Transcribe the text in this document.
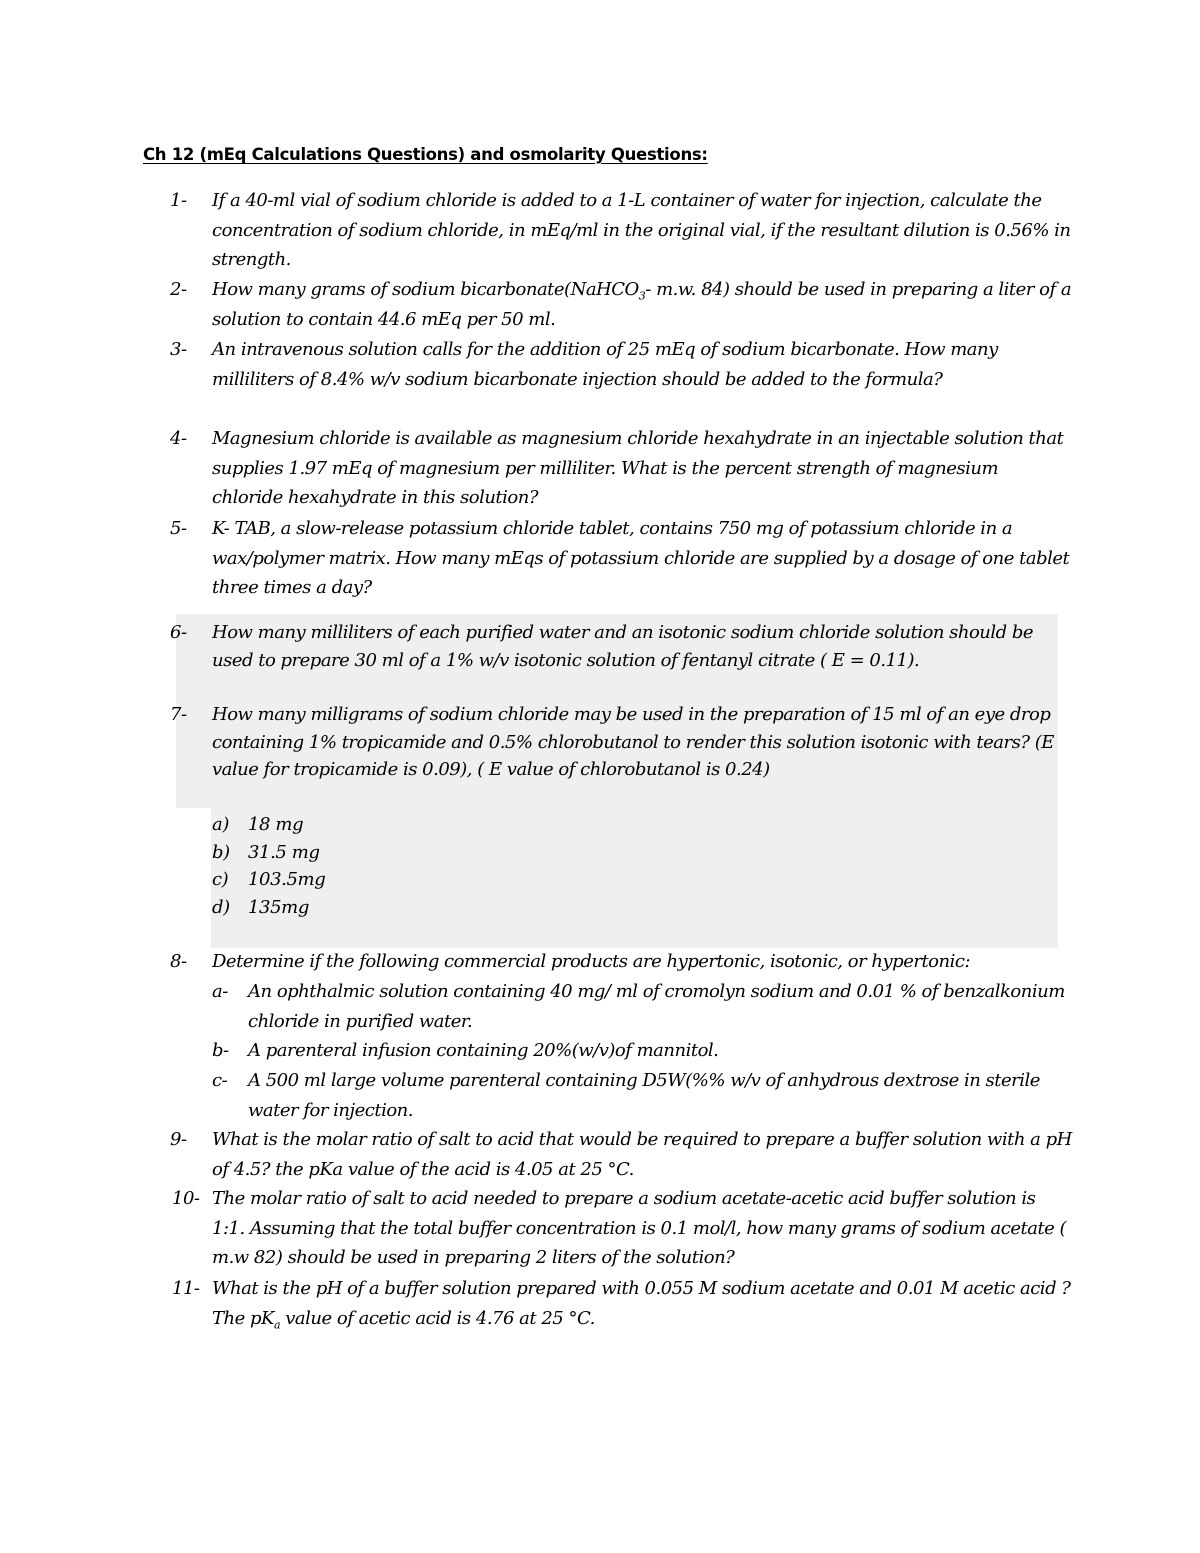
Ch 12 (mEq Calculations Questions) and osmolarity Questions:
1- If a 40-ml vial of sodium chloride is added to a 1-L container of water for injection, calculate the concentration of sodium chloride, in mEq/ml in the original vial, if the resultant dilution is 0.56% in strength.
2- How many grams of sodium bicarbonate(NaHCO$_3$- m.w. 84) should be used in preparing a liter of a solution to contain 44.6 mEq per 50 ml.
3- An intravenous solution calls for the addition of 25 mEq of sodium bicarbonate. How many milliliters of 8.4% w/v sodium bicarbonate injection should be added to the formula?
4- Magnesium chloride is available as magnesium chloride hexahydrate in an injectable solution that supplies 1.97 mEq of magnesium per milliliter. What is the percent strength of magnesium chloride hexahydrate in this solution?
5- K- TAB, a slow-release potassium chloride tablet, contains 750 mg of potassium chloride in a wax/polymer matrix. How many mEqs of potassium chloride are supplied by a dosage of one tablet three times a day?
6- How many milliliters of each purified water and an isotonic sodium chloride solution should be used to prepare 30 ml of a 1% w/v isotonic solution of fentanyl citrate ( E = 0.11).
7- How many milligrams of sodium chloride may be used in the preparation of 15 ml of an eye drop containing 1% tropicamide and 0.5% chlorobutanol to render this solution isotonic with tears? (E value for tropicamide is 0.09), ( E value of chlorobutanol is 0.24)
a) 18 mg
b) 31.5 mg
c) 103.5mg
d) 135mg
8- Determine if the following commercial products are hypertonic, isotonic, or hypertonic:
a- An ophthalmic solution containing 40 mg/ ml of cromolyn sodium and 0.01 % of benzalkonium chloride in purified water.
b- A parenteral infusion containing 20%(w/v)of mannitol.
c- A 500 ml large volume parenteral containing D5W(%% w/v of anhydrous dextrose in sterile water for injection.
9- What is the molar ratio of salt to acid that would be required to prepare a buffer solution with a pH of 4.5? the pKa value of the acid is 4.05 at 25 °C.
10- The molar ratio of salt to acid needed to prepare a sodium acetate-acetic acid buffer solution is 1:1. Assuming that the total buffer concentration is 0.1 mol/l, how many grams of sodium acetate ( m.w 82) should be used in preparing 2 liters of the solution?
11- What is the pH of a buffer solution prepared with 0.055 M sodium acetate and 0.01 M acetic acid ? The $pK_a$ value of acetic acid is 4.76 at 25 °C.
